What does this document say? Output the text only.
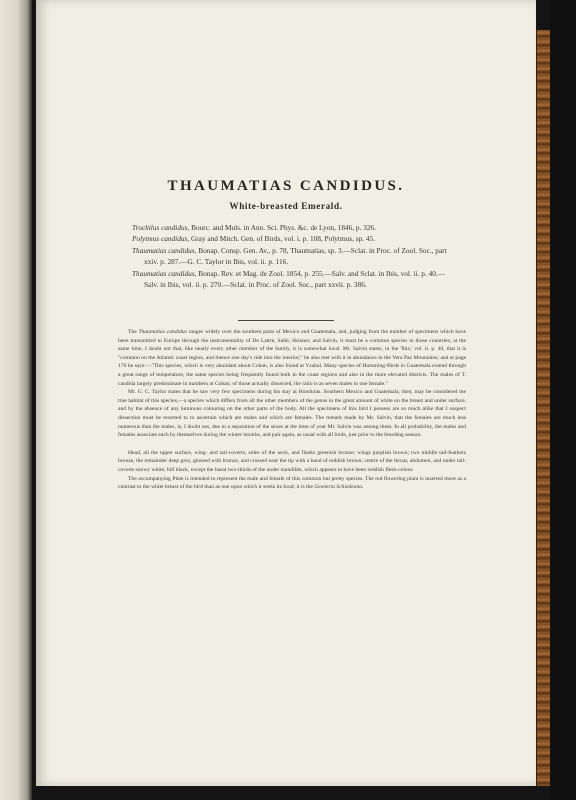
THAUMATIAS CANDIDUS.
White-breasted Emerald.

Trochilus candidus, Bourc. and Muls. in Ann. Sci. Phys. &c. de Lyon, 1846, p. 326.

Polytmus candidus, Gray and Mitch. Gen. of Birds, vol. i. p. 108, Polytmus, sp. 45.

Thaumatias candidus, Bonap. Consp. Gen. Av., p. 78, Thaumatias, sp. 3.—Sclat. in Proc. of Zool. Soc., part xxiv. p. 287.—G. C. Taylor in Ibis, vol. ii. p. 116.

Thaumatias candidus, Bonap. Rev. et Mag. de Zool. 1854, p. 255.—Salv. and Sclat. in Ibis, vol. ii. p. 40.—Salv. in Ibis, vol. ii. p. 270.—Sclat. in Proc. of Zool. Soc., part xxvii. p. 386.

The Thaumatias candidus ranges widely over the southern parts of Mexico and Guatemala, and, judging from the number of specimens which have been transmitted to Europe through the instrumentality of De Lattre, Sallé, Skinner, and Salvin, it must be a common species in those countries; at the same time, I doubt not that, like nearly every other member of the family, it is somewhat local. Mr. Salvin states, in the 'Ibis,' vol. ii. p. 40, that it is "common on the Atlantic coast region, and thence one day's ride into the interior;" he also met with it in abundance in the Vera Paz Mountains; and at page 170 he says:—"This species, which is very abundant about Coban, is also found at Yzabal. Many species of Humming-Birds in Guatemala extend through a great range of temperature, the same species being frequently found both in the coast regions and also in the more elevated districts. The males of T. candida largely predominate in numbers at Coban; of those actually dissected, the ratio is as seven males to one female."

Mr. G. C. Taylor states that he saw very few specimens during his stay at Honduras. Southern Mexico and Guatemala, then, may be considered the true habitat of this species,—a species which differs from all the other members of the genus in the great amount of white on the breast and under surface, and by the absence of any luminous colouring on the other parts of the body. All the specimens of this bird I possess are so much alike that I suspect dissection must be resorted to to ascertain which are males and which are females. The remark made by Mr. Salvin, that the females are much less numerous than the males, is, I doubt not, due to a separation of the sexes at the time of year Mr. Salvin was among them. In all probability, the males and females associate each by themselves during the winter months, and pair again, as usual with all birds, just prior to the breeding season.

Head, all the upper surface, wing- and tail-coverts, sides of the neck, and flanks greenish bronze; wings purplish brown; two middle tail-feathers bronze, the remainder deep grey, glossed with bronze, and crossed near the tip with a band of reddish brown; centre of the throat, abdomen, and under tail-coverts snowy white; bill black, except the basal two-thirds of the under mandible, which appears to have been reddish flesh-colour.

The accompanying Plate is intended to represent the male and female of this common but pretty species. The red flowering plant is inserted more as a contrast to the white breast of the bird than as one upon which it seeks its food; it is the Gesneria Schiedeana.
